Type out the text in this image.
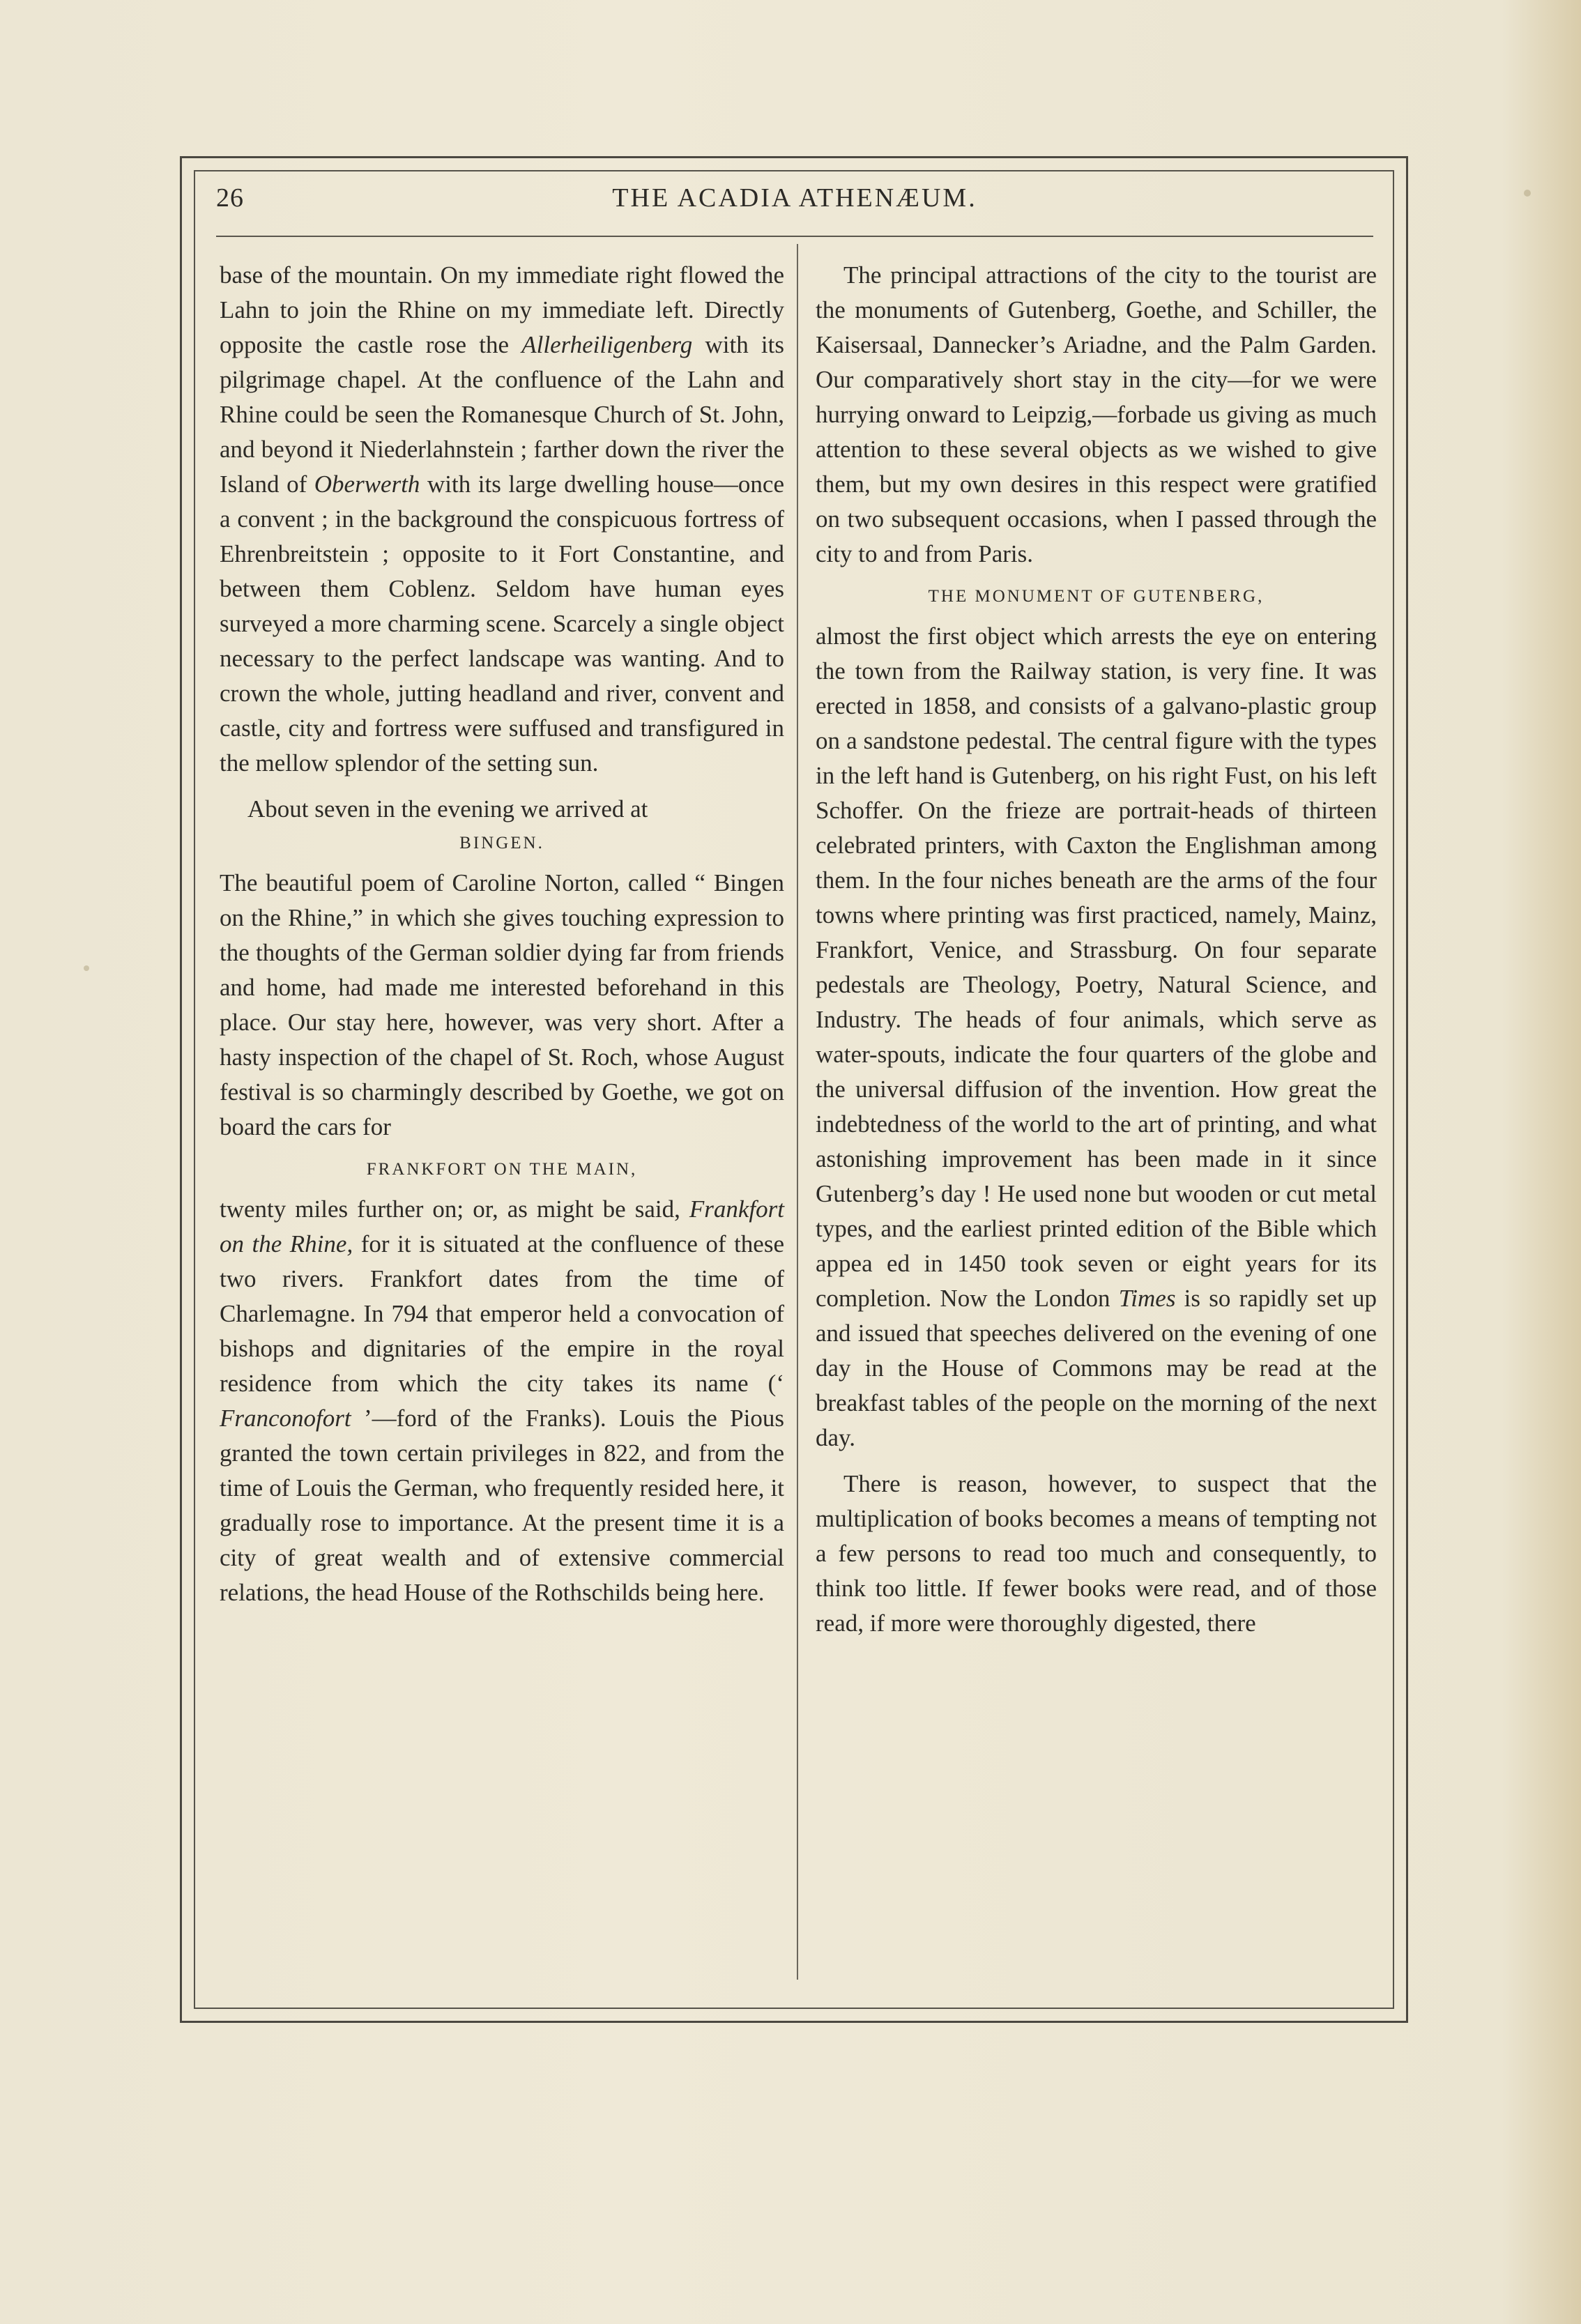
26	THE ACADIA ATHENÆUM.

base of the mountain. On my immediate right flowed the Lahn to join the Rhine on my immediate left. Directly opposite the castle rose the Allerheiligenberg with its pilgrimage chapel. At the confluence of the Lahn and Rhine could be seen the Romanesque Church of St. John, and beyond it Niederlahnstein ; farther down the river the Island of Oberwerth with its large dwelling house—once a convent ; in the background the conspicuous fortress of Ehrenbreitstein ; opposite to it Fort Constantine, and between them Coblenz. Seldom have human eyes surveyed a more charming scene. Scarcely a single object necessary to the perfect landscape was wanting. And to crown the whole, jutting headland and river, convent and castle, city and fortress were suffused and transfigured in the mellow splendor of the setting sun.

About seven in the evening we arrived at

BINGEN.

The beautiful poem of Caroline Norton, called “ Bingen on the Rhine,” in which she gives touching expression to the thoughts of the German soldier dying far from friends and home, had made me interested beforehand in this place. Our stay here, however, was very short. After a hasty inspection of the chapel of St. Roch, whose August festival is so charmingly described by Goethe, we got on board the cars for

FRANKFORT ON THE MAIN,

twenty miles further on; or, as might be said, Frankfort on the Rhine, for it is situated at the confluence of these two rivers. Frankfort dates from the time of Charlemagne. In 794 that emperor held a convocation of bishops and dignitaries of the empire in the royal residence from which the city takes its name (‘ Franconofort ’—ford of the Franks). Louis the Pious granted the town certain privileges in 822, and from the time of Louis the German, who frequently resided here, it gradually rose to importance. At the present time it is a city of great wealth and of extensive commercial relations, the head House of the Rothschilds being here.

The principal attractions of the city to the tourist are the monuments of Gutenberg, Goethe, and Schiller, the Kaisersaal, Dannecker’s Ariadne, and the Palm Garden. Our comparatively short stay in the city—for we were hurrying onward to Leipzig,—forbade us giving as much attention to these several objects as we wished to give them, but my own desires in this respect were gratified on two subsequent occasions, when I passed through the city to and from Paris.

THE MONUMENT OF GUTENBERG,

almost the first object which arrests the eye on entering the town from the Railway station, is very fine. It was erected in 1858, and consists of a galvano-plastic group on a sandstone pedestal. The central figure with the types in the left hand is Gutenberg, on his right Fust, on his left Schoffer. On the frieze are portrait-heads of thirteen celebrated printers, with Caxton the Englishman among them. In the four niches beneath are the arms of the four towns where printing was first practiced, namely, Mainz, Frankfort, Venice, and Strassburg. On four separate pedestals are Theology, Poetry, Natural Science, and Industry. The heads of four animals, which serve as water-spouts, indicate the four quarters of the globe and the universal diffusion of the invention. How great the indebtedness of the world to the art of printing, and what astonishing improvement has been made in it since Gutenberg’s day ! He used none but wooden or cut metal types, and the earliest printed edition of the Bible which appea ed in 1450 took seven or eight years for its completion. Now the London Times is so rapidly set up and issued that speeches delivered on the evening of one day in the House of Commons may be read at the breakfast tables of the people on the morning of the next day.

There is reason, however, to suspect that the multiplication of books becomes a means of tempting not a few persons to read too much and consequently, to think too little. If fewer books were read, and of those read, if more were thoroughly digested, there
